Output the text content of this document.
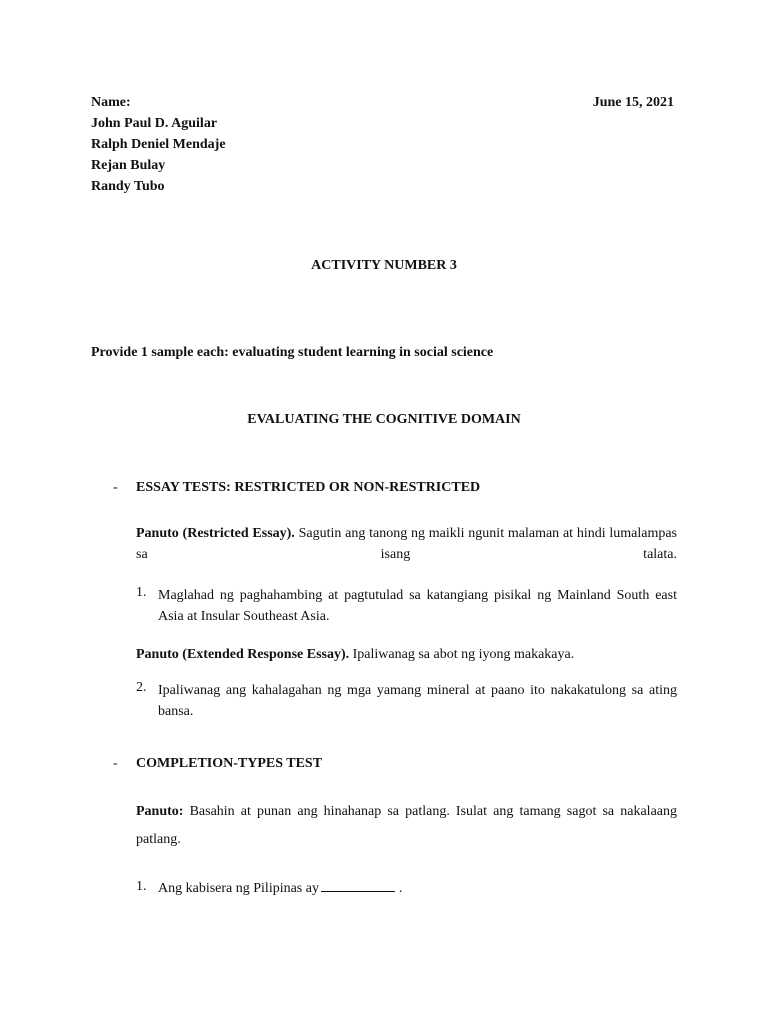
Name:
John Paul D. Aguilar
Ralph Deniel Mendaje
Rejan Bulay
Randy Tubo
June 15, 2021
ACTIVITY NUMBER 3
Provide 1 sample each: evaluating student learning in social science
EVALUATING THE COGNITIVE DOMAIN
- ESSAY TESTS: RESTRICTED OR NON-RESTRICTED
Panuto (Restricted Essay). Sagutin ang tanong ng maikli ngunit malaman at hindi lumalampas sa isang talata.
1. Maglahad ng paghahambing at pagtutulad sa katangiang pisikal ng Mainland South east Asia at Insular Southeast Asia.
Panuto (Extended Response Essay). Ipaliwanag sa abot ng iyong makakaya.
2. Ipaliwanag ang kahalagahan ng mga yamang mineral at paano ito nakakatulong sa ating bansa.
- COMPLETION-TYPES TEST
Panuto: Basahin at punan ang hinahanap sa patlang. Isulat ang tamang sagot sa nakalaang patlang.
1. Ang kabisera ng Pilipinas ay	.
